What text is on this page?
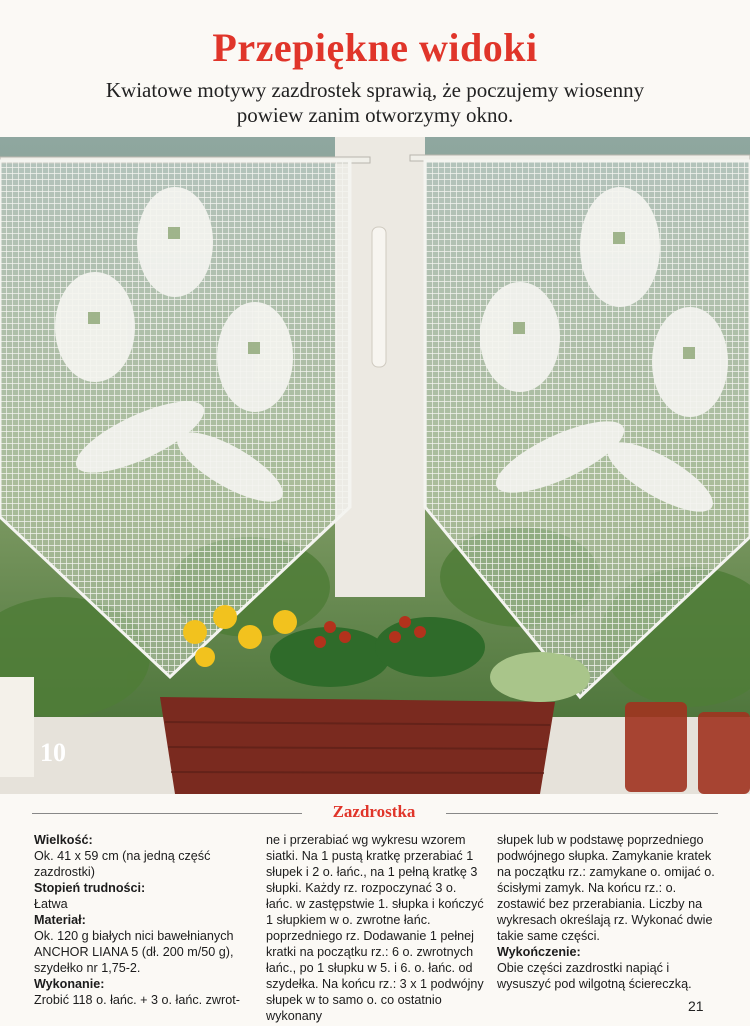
Przepiękne widoki
Kwiatowe motywy zazdrostek sprawią, że poczujemy wiosenny powiew zanim otworzymy okno.
10
Zazdrostka

Wielkość:

Ok. 41 x 59 cm (na jedną część zazdrostki)

Stopień trudności:

Łatwa

Materiał:

Ok. 120 g białych nici bawełnianych ANCHOR LIANA 5 (dł. 200 m/50 g), szydełko nr 1,75-2.

Wykonanie:

Zrobić 118 o. łańc. + 3 o. łańc. zwrot-

ne i przerabiać wg wykresu wzorem siatki. Na 1 pustą kratkę przerabiać 1 słupek i 2 o. łańc., na 1 pełną kratkę 3 słupki. Każdy rz. rozpoczynać 3 o. łańc. w zastępstwie 1. słupka i kończyć 1 słupkiem w o. zwrotne łańc. poprzedniego rz. Dodawanie 1 pełnej kratki na początku rz.: 6 o. zwrotnych łańc., po 1 słupku w 5. i 6. o. łańc. od szydełka. Na końcu rz.: 3 x 1 podwójny słupek w to samo o. co ostatnio wykonany

słupek lub w podstawę poprzedniego podwójnego słupka. Zamykanie kratek na początku rz.: zamykane o. omijać o. ścisłymi zamyk. Na końcu rz.: o. zostawić bez przerabiania. Liczby na wykresach określają rz. Wykonać dwie takie same części.

Wykończenie:

Obie części zazdrostki napiąć i wysuszyć pod wilgotną ściereczką.

21
